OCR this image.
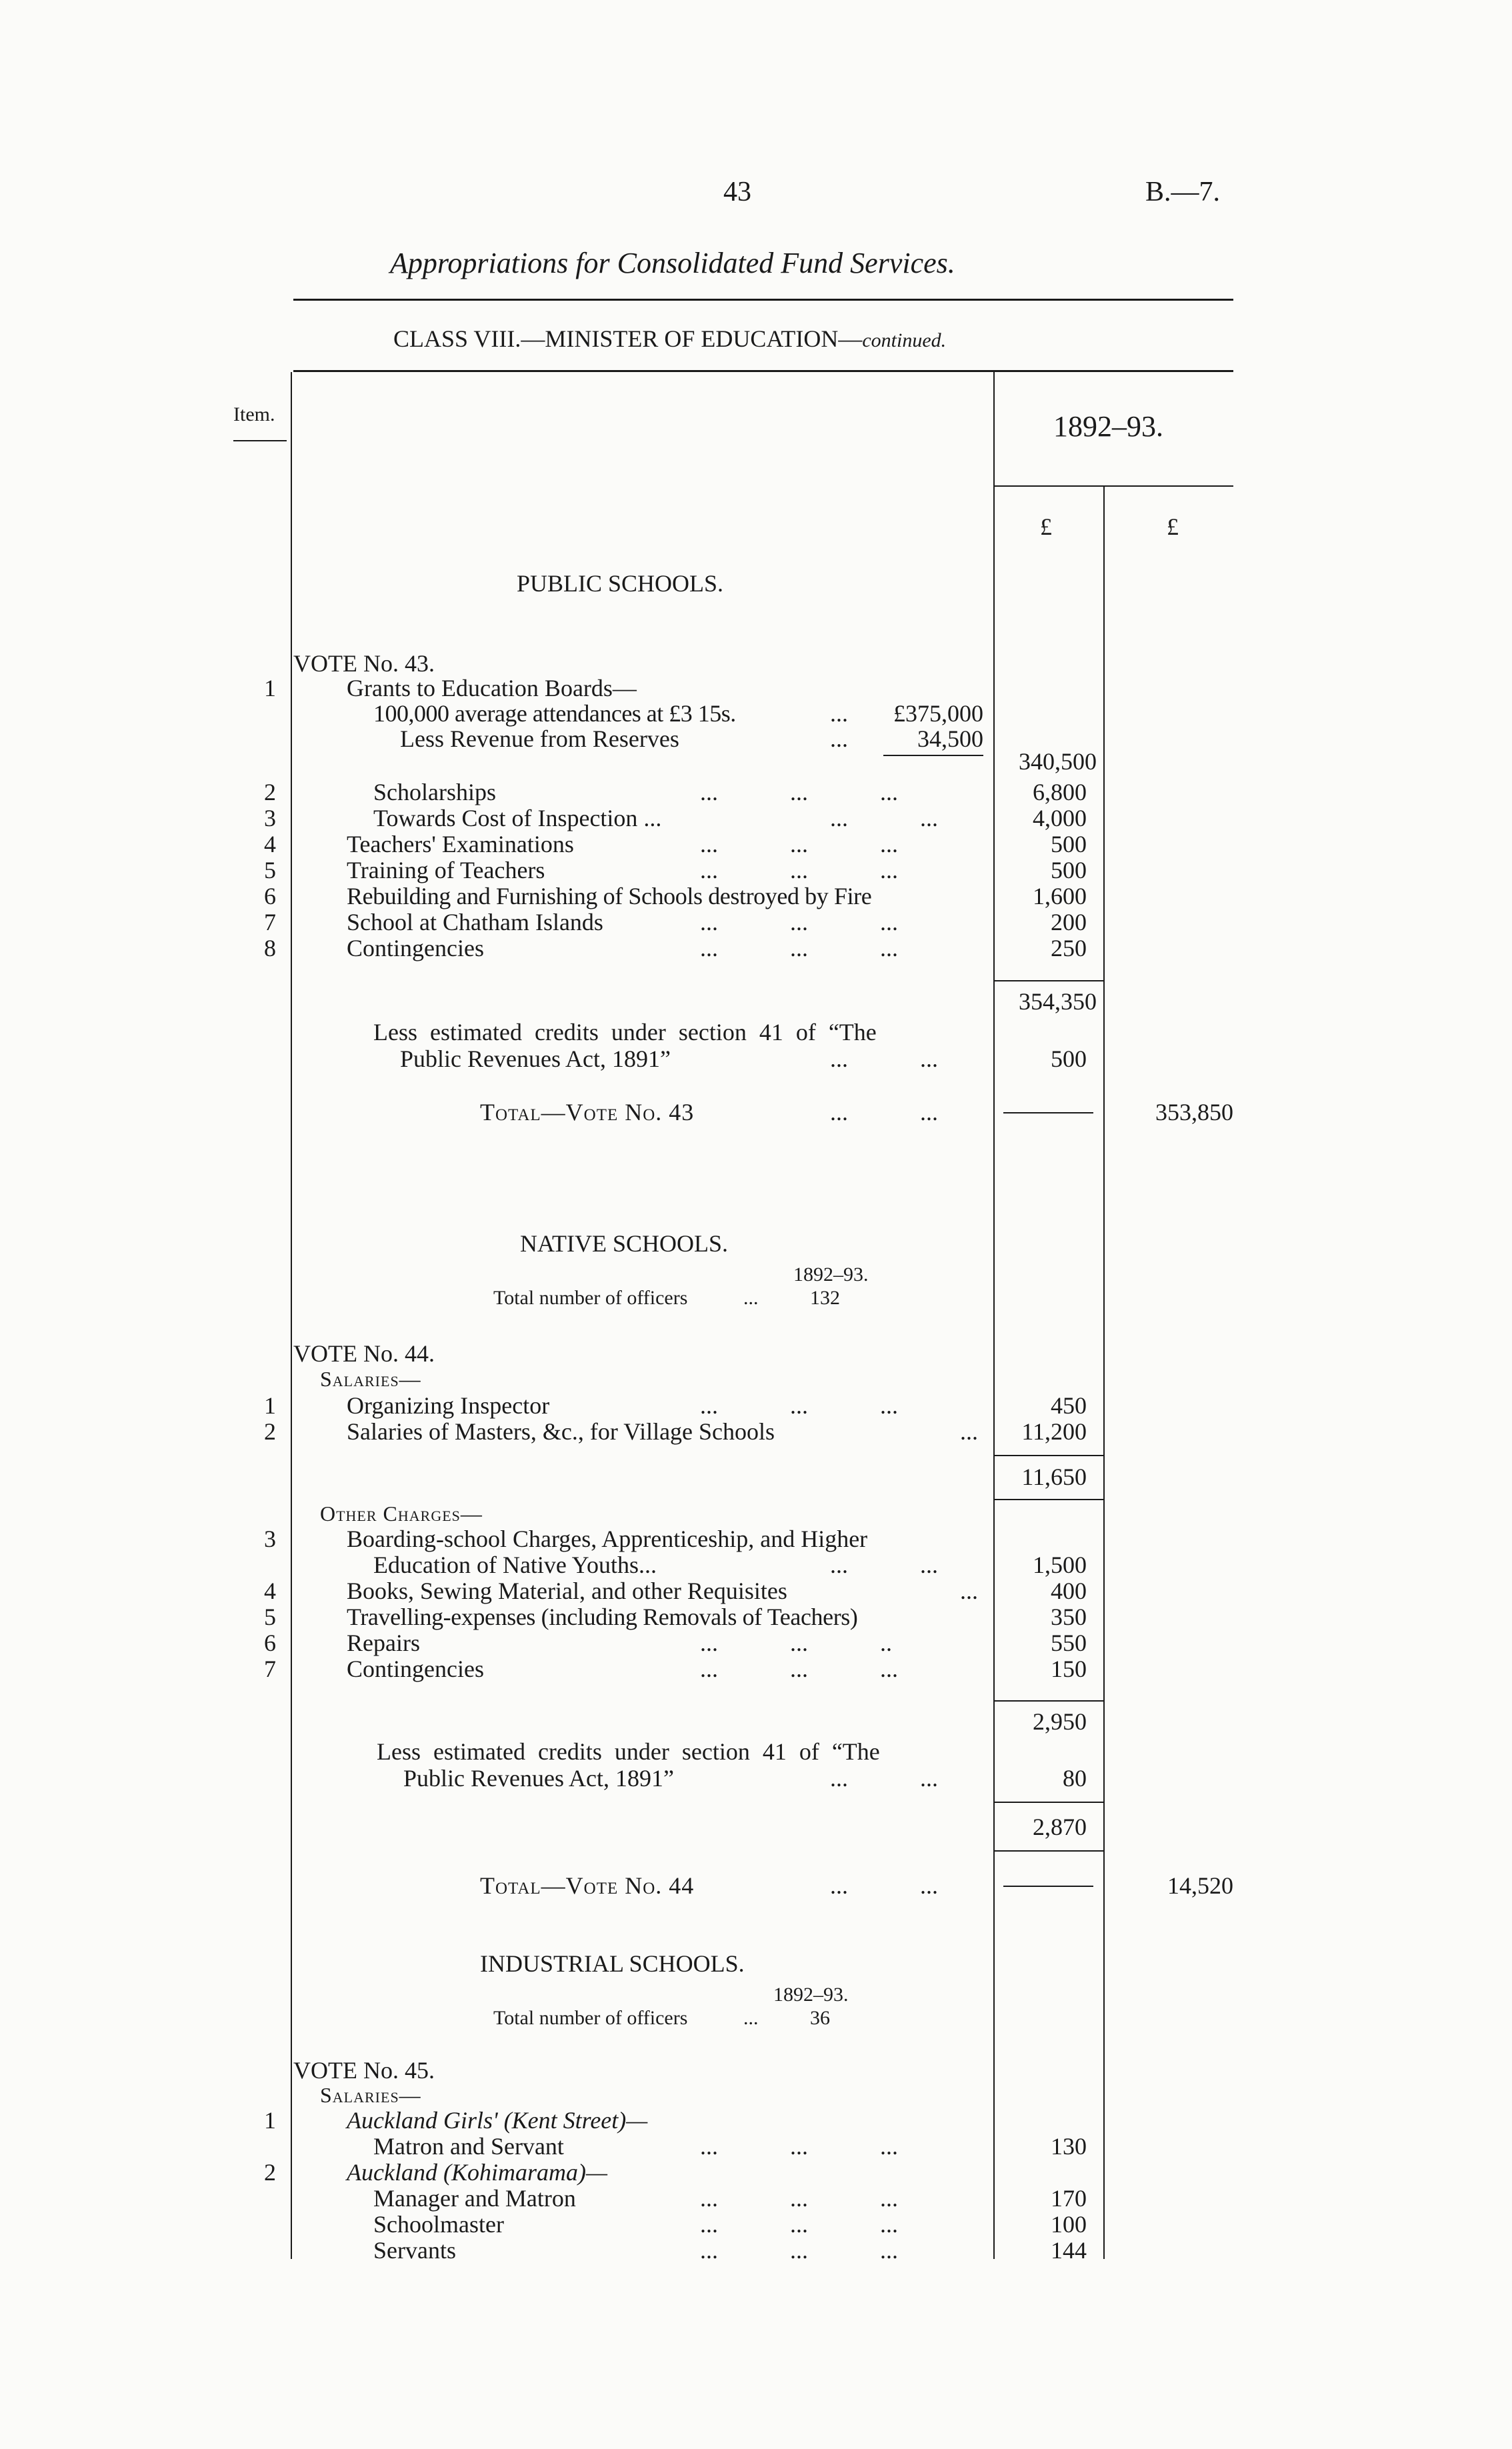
43	B.—7.
Appropriations for Consolidated Fund Services.
CLASS VIII.—MINISTER OF EDUCATION—continued.
Item.	1892–93.
£	£
PUBLIC SCHOOLS.
VOTE No. 43.
1	Grants to Education Boards—
100,000 average attendances at £3 15s.	...	£375,000
Less Revenue from Reserves	...	34,500
340,500
2	Scholarships	...            ...            ...	6,800
3	Towards Cost of Inspection ...	...            ...	4,000
4	Teachers' Examinations	...            ...            ...	500
5	Training of Teachers	...            ...            ...	500
6	Rebuilding and Furnishing of Schools destroyed by Fire	1,600
7	School at Chatham Islands	...            ...            ...	200
8	Contingencies	...            ...            ...	250
354,350
Less estimated credits under section 41 of “The
Public Revenues Act, 1891”	...            ...	500
Total—Vote No. 43	...            ...	353,850
NATIVE SCHOOLS.
1892–93.
Total number of officers	...	132
VOTE No. 44.
Salaries—
1	Organizing Inspector	...            ...            ...	450
2	Salaries of Masters, &c., for Village Schools	...	11,200
11,650
Other Charges—
3	Boarding-school Charges, Apprenticeship, and Higher
Education of Native Youths...	...            ...	1,500
4	Books, Sewing Material, and other Requisites	...	400
5	Travelling-expenses (including Removals of Teachers)	350
6	Repairs	...            ...            ..	550
7	Contingencies	...            ...            ...	150
2,950
Less estimated credits under section 41 of “The
Public Revenues Act, 1891”	...            ...	80
2,870
Total—Vote No. 44	...            ...	14,520
INDUSTRIAL SCHOOLS.
1892–93.
Total number of officers	...	36
VOTE No. 45.
Salaries—
1	Auckland Girls' (Kent Street)—
Matron and Servant	...            ...            ...	130
2	Auckland (Kohimarama)—
Manager and Matron	...            ...            ...	170
Schoolmaster	...            ...            ...	100
Servants	...            ...            ...	144
